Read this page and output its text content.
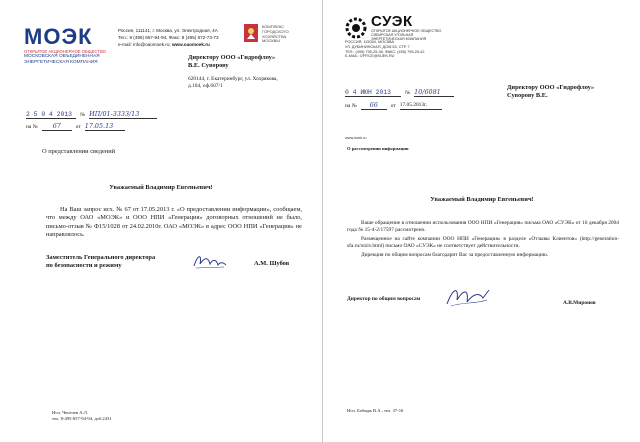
МОЭК
ОТКРЫТОЕ АКЦИОНЕРНОЕ ОБЩЕСТВО
МОСКОВСКАЯ ОБЪЕДИНЕННАЯ
ЭНЕРГЕТИЧЕСКАЯ КОМПАНИЯ
Россия, 111141, г. Москва, ул. Электродная, 4А
Тел.: 8 (495) 657-94-94, Факс: 8 (495) 672-73-73
e-mail: info@oaomoek.ru; www.oaomoek.ru
КОМПЛЕКС
ГОРОДСКОГО
ХОЗЯЙСТВА
МОСКВЫ
Директору ООО «Гидрофлоу»
В.Е. Суворову
620144, г. Екатеринбург, ул. Хохрякова,
д.104, оф.607/1
2 5 0 4 2013	№ ИП/01-3333/13
на №	67	от 17.05.13
О представлении сведений
Уважаемый Владимир Евгеньевич!
На Ваш запрос исх. № 67 от 17.05.2013 г. «О предоставлении информации», сообщаем, что между ОАО «МОЭК» и ООО НПИ «Генерация» договорных отношений не было, письмо-отзыв № Ф15/1028 от 24.02.2010г. ОАО «МОЭК» в адрес ООО НПИ «Генерация» не направлялось.
Заместитель Генерального директора
по безопасности и режиму	А.М. Шубов
Исп. Чепелев А.Л.
тел. 8-495-657-94-94, доб.2431
СУЭК
ОТКРЫТОЕ АКЦИОНЕРНОЕ ОБЩЕСТВО
СИБИРСКАЯ УГОЛЬНАЯ
ЭНЕРГЕТИЧЕСКАЯ КОМПАНИЯ
РОССИЯ, 115054, МОСКВА
УЛ. ДУБИНИНСКАЯ, ДОМ 53, СТР. 7
ТЕЛ.: (495) 795-25-38, ФАКС: (495) 795-25-42
E-MAIL: OFFICE@SUEK.RU
0 4 ИЮН 2013	№ 10/6081
на №	66	от 17.05.2013г.
Директору ООО «Гидрофлоу»
Суворову В.Е.
www.suek.ru
О рассмотрении информации
Уважаемый Владимир Евгеньевич!
Ваше обращение в отношении использования ООО НПИ «Генерация» письма ОАО «СУЭК» от 16 декабря 2004 года № 15-4-2/17597 рассмотрено.
Размещенное на сайте компании ООО НПИ «Генерация» в разделе «Отзывы Клиентов» (http://generation-sfa.ru/otziv.html) письмо ОАО «СУЭК» не соответствует действительности.
Дирекция по общим вопросам благодарит Вас за предоставленную информацию.
Директор по общим вопросам
А.В.Миронов
Исп. Бобырь В.А., тел. 37-16
